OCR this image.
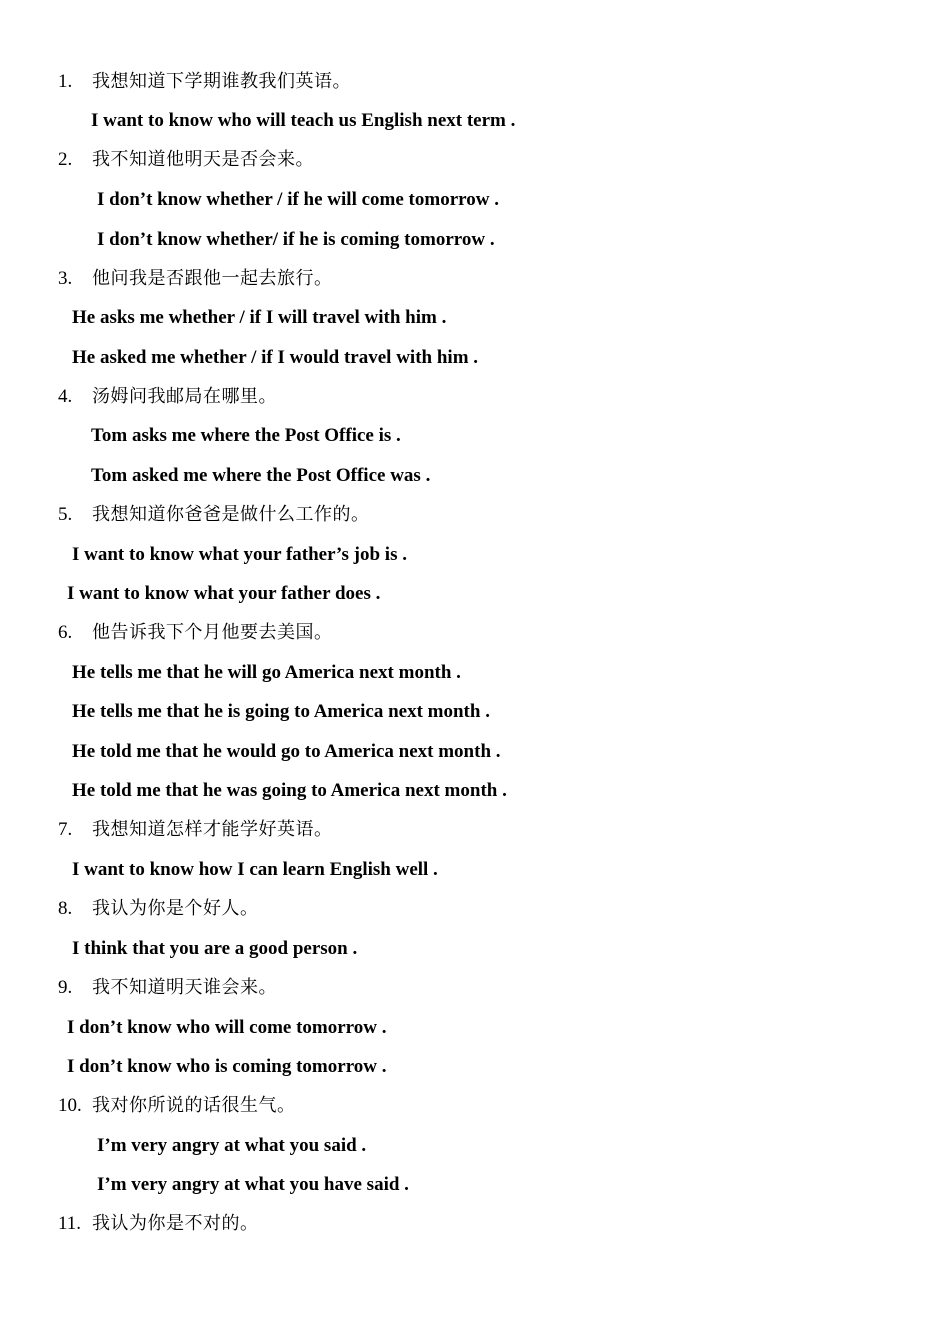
1. 我想知道下学期谁教我们英语。
I want to know who will teach us English next term .
2. 我不知道他明天是否会来。
I don’t know whether / if he will come tomorrow .
I don’t know whether/ if he is coming tomorrow .
3. 他问我是否跟他一起去旅行。
He asks me whether / if I will travel with him .
He asked me whether / if I would travel with him .
4. 汤姆问我邮局在哪里。
Tom asks me where the Post Office is .
Tom asked me where the Post Office was .
5. 我想知道你爸爸是做什么工作的。
I want to know what your father’s job is .
I want to know what your father does .
6. 他告诉我下个月他要去美国。
He tells me that he will go America next month .
He tells me that he is going to America next month .
He told me that he would go to America next month .
He told me that he was going to America next month .
7. 我想知道怎样才能学好英语。
I want to know how I can learn English well .
8. 我认为你是个好人。
I think that you are a good person .
9. 我不知道明天谁会来。
I don’t know who will come tomorrow .
I don’t know who is coming tomorrow .
10. 我对你所说的话很生气。
I’m very angry at what you said .
I’m very angry at what you have said .
11. 我认为你是不对的。
